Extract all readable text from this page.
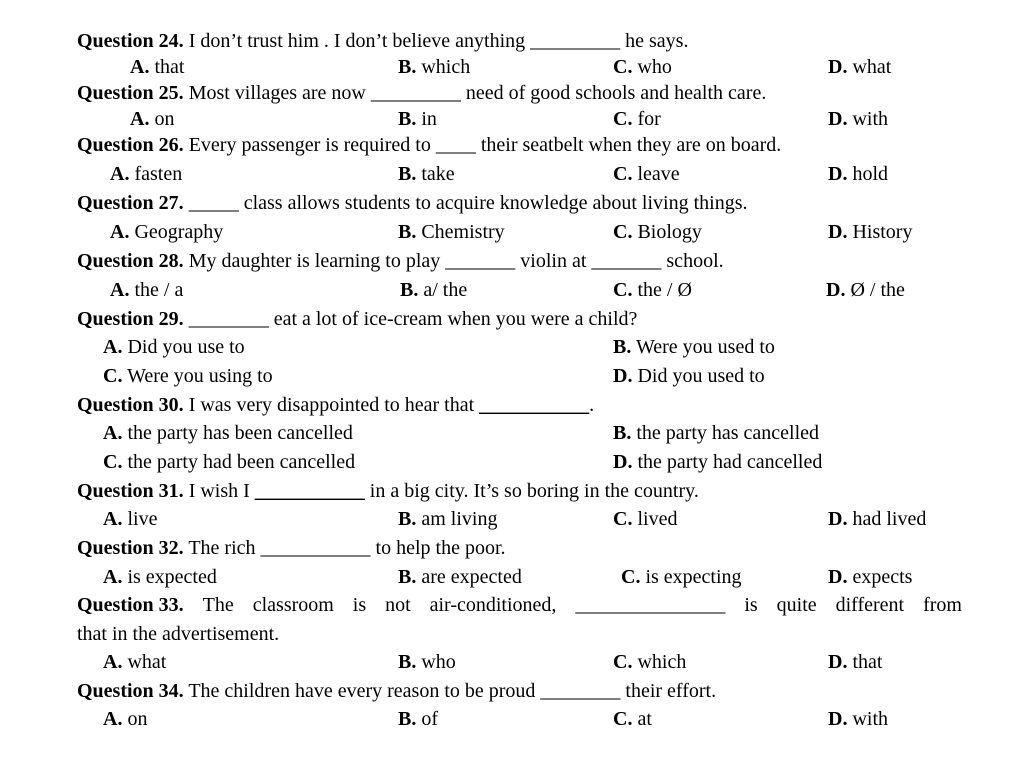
Question 24. I don’t trust him . I don’t believe anything _________ he says.
A. that	B. which	C. who	D. what
Question 25. Most villages are now _________ need of good schools and health care.
A. on	B. in	C. for	D. with
Question 26. Every passenger is required to ____ their seatbelt when they are on board.
A. fasten	B. take	C. leave	D. hold
Question 27. _____ class allows students to acquire knowledge about living things.
A. Geography	B. Chemistry	C. Biology	D. History
Question 28. My daughter is learning to play _______ violin at _______ school.
A. the / a	B. a/ the	C. the / Ø	D. Ø / the
Question 29. ________ eat a lot of ice-cream when you were a child?
A. Did you use to	B. Were you used to
C. Were you using to	D. Did you used to
Question 30. I was very disappointed to hear that ___________.
A. the party has been cancelled	B. the party has cancelled
C. the party had been cancelled	D. the party had cancelled
Question 31. I wish I ___________ in a big city. It’s so boring in the country.
A. live	B. am living	C. lived	D. had lived
Question 32. The rich ___________ to help the poor.
A. is expected	B. are expected	C. is expecting	D. expects
Question 33. The classroom is not air-conditioned, _______________ is quite different from
that in the advertisement.
A. what	B. who	C. which	D. that
Question 34. The children have every reason to be proud ________ their effort.
A. on	B. of	C. at	D. with
